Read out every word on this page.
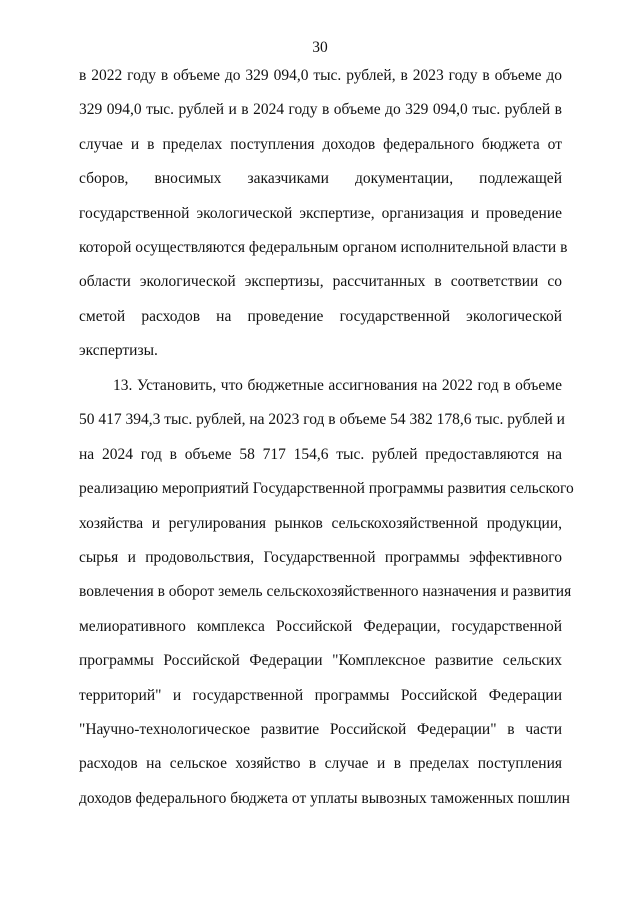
30
в 2022 году в объеме до 329 094,0 тыс. рублей, в 2023 году в объеме до
329 094,0 тыс. рублей и в 2024 году в объеме до 329 094,0 тыс. рублей в
случае и в пределах поступления доходов федерального бюджета от
сборов, вносимых заказчиками документации, подлежащей
государственной экологической экспертизе, организация и проведение
которой осуществляются федеральным органом исполнительной власти в
области экологической экспертизы, рассчитанных в соответствии со
сметой расходов на проведение государственной экологической
экспертизы.
13. Установить, что бюджетные ассигнования на 2022 год в объеме
50 417 394,3 тыс. рублей, на 2023 год в объеме 54 382 178,6 тыс. рублей и
на 2024 год в объеме 58 717 154,6 тыс. рублей предоставляются на
реализацию мероприятий Государственной программы развития сельского
хозяйства и регулирования рынков сельскохозяйственной продукции,
сырья и продовольствия, Государственной программы эффективного
вовлечения в оборот земель сельскохозяйственного назначения и развития
мелиоративного комплекса Российской Федерации, государственной
программы Российской Федерации "Комплексное развитие сельских
территорий" и государственной программы Российской Федерации
"Научно-технологическое развитие Российской Федерации" в части
расходов на сельское хозяйство в случае и в пределах поступления
доходов федерального бюджета от уплаты вывозных таможенных пошлин
